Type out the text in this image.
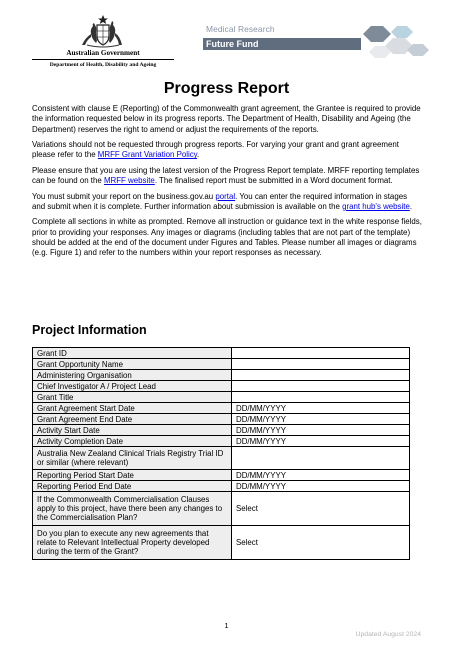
Australian Government
Department of Health, Disability and Ageing
Medical Research
Future Fund
Progress Report

Consistent with clause E (Reporting) of the Commonwealth grant agreement, the Grantee is required to provide the information requested below in its progress reports. The Department of Health, Disability and Ageing (the Department) reserves the right to amend or adjust the requirements of the reports.

Variations should not be requested through progress reports. For varying your grant and grant agreement please refer to the MRFF Grant Variation Policy.

Please ensure that you are using the latest version of the Progress Report template. MRFF reporting templates can be found on the MRFF website. The finalised report must be submitted in a Word document format.

You must submit your report on the business.gov.au portal. You can enter the required information in stages and submit when it is complete. Further information about submission is available on the grant hub's website.

Complete all sections in white as prompted. Remove all instruction or guidance text in the white response fields, prior to providing your responses. Any images or diagrams (including tables that are not part of the template) should be added at the end of the document under Figures and Tables. Please number all images or diagrams (e.g. Figure 1) and refer to the numbers within your report responses as necessary.

Project Information
Grant ID	
Grant Opportunity Name	
Administering Organisation	
Chief Investigator A / Project Lead	
Grant Title	
Grant Agreement Start Date	DD/MM/YYYY
Grant Agreement End Date	DD/MM/YYYY
Activity Start Date	DD/MM/YYYY
Activity Completion Date	DD/MM/YYYY
Australia New Zealand Clinical Trials Registry Trial ID or similar (where relevant)	
Reporting Period Start Date	DD/MM/YYYY
Reporting Period End Date	DD/MM/YYYY
If the Commonwealth Commercialisation Clauses apply to this project, have there been any changes to the Commercialisation Plan?	Select
Do you plan to execute any new agreements that relate to Relevant Intellectual Property developed during the term of the Grant?	Select
1
Updated August 2024
